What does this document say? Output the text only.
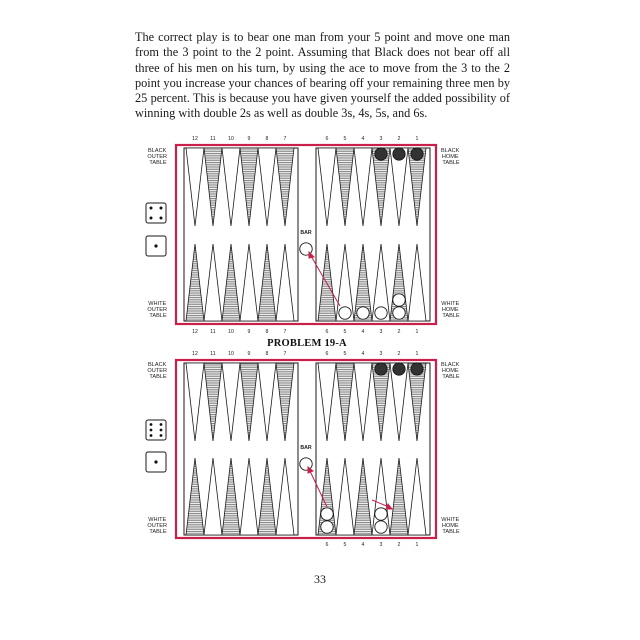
The correct play is to bear one man from your 5 point and move one man from the 3 point to the 2 point. Assuming that Black does not bear off all three of his men on his turn, by using the ace to move from the 3 to the 2 point you increase your chances of bearing off your remaining three men by 25 percent. This is because you have given yourself the added possibility of winning with double 2s as well as double 3s, 4s, 5s, and 6s.

12 11 10	9	8	7	6	5	4	3	2	1
BAR
BLACK OUTER TABLE
WHITE OUTER TABLE
BLACK HOME TABLE
WHITE HOME TABLE
12 11 10	9	8	7	6	5	4	3	2	1
PROBLEM 19-A
12 11 10	9	8	7	6	5	4	3	2	1
BAR
BLACK OUTER TABLE
WHITE OUTER TABLE
BLACK HOME TABLE
WHITE HOME TABLE
6	5	4	3	2	1
33
